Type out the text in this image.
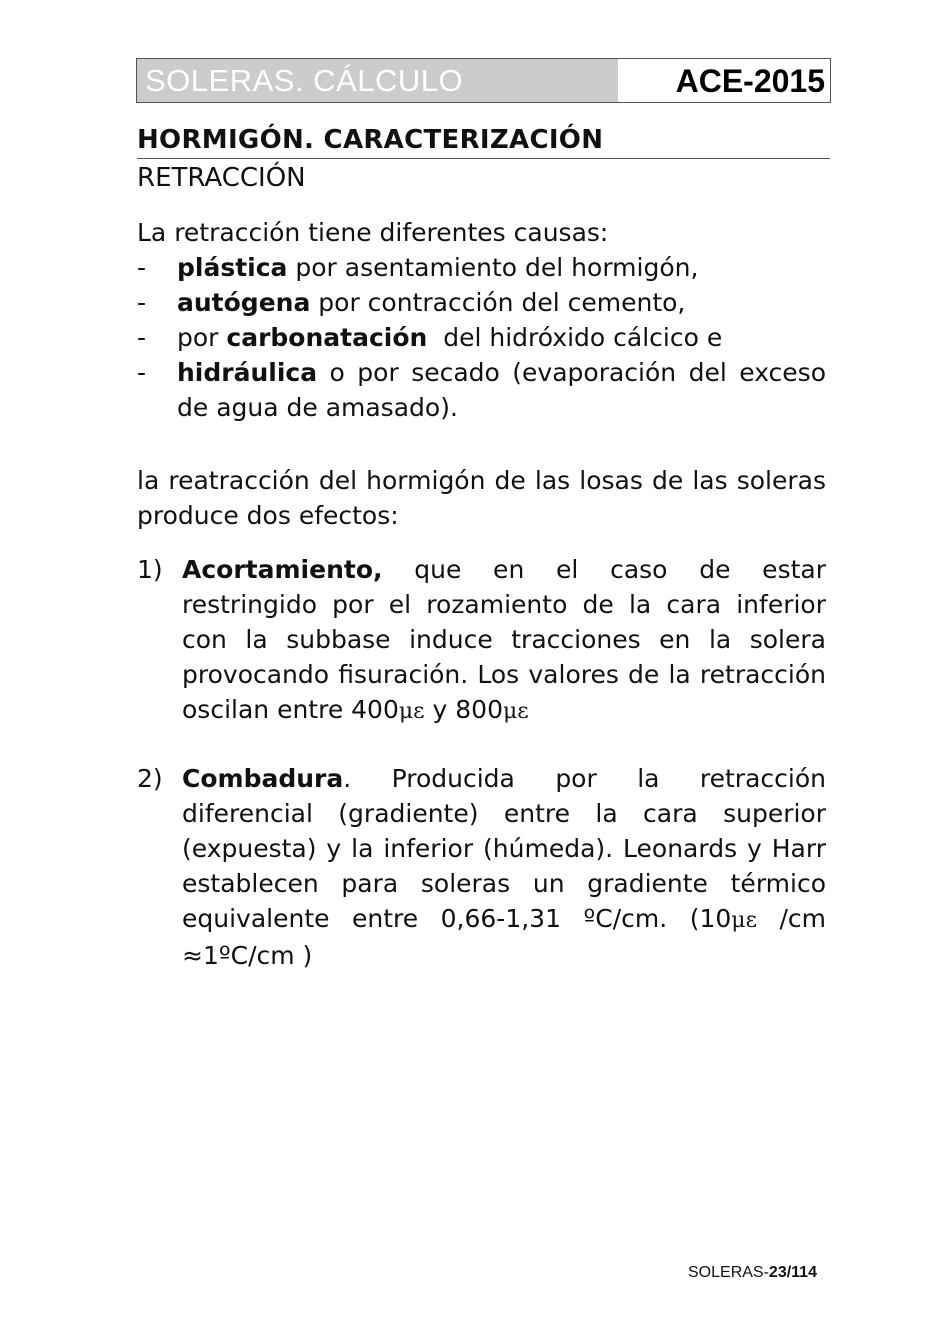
SOLERAS. CÁLCULO	ACE-2015
HORMIGÓN. CARACTERIZACIÓN
RETRACCIÓN
La retracción tiene diferentes causas:
- plástica por asentamiento del hormigón,
- autógena por contracción del cemento,
- por carbonatación  del hidróxido cálcico e
- hidráulica o por secado (evaporación del exceso de agua de amasado).
la reatracción del hormigón de las losas de las soleras produce dos efectos:
1) Acortamiento, que en el caso de estar restringido por el rozamiento de la cara inferior con la subbase induce tracciones en la solera provocando fisuración. Los valores de la retracción oscilan entre 400με y 800με
2) Combadura. Producida por la retracción diferencial (gradiente) entre la cara superior (expuesta) y la inferior (húmeda). Leonards y Harr establecen para soleras un gradiente térmico equivalente entre 0,66-1,31 ºC/cm. (10με /cm ≈1ºC/cm )
SOLERAS-23/114
